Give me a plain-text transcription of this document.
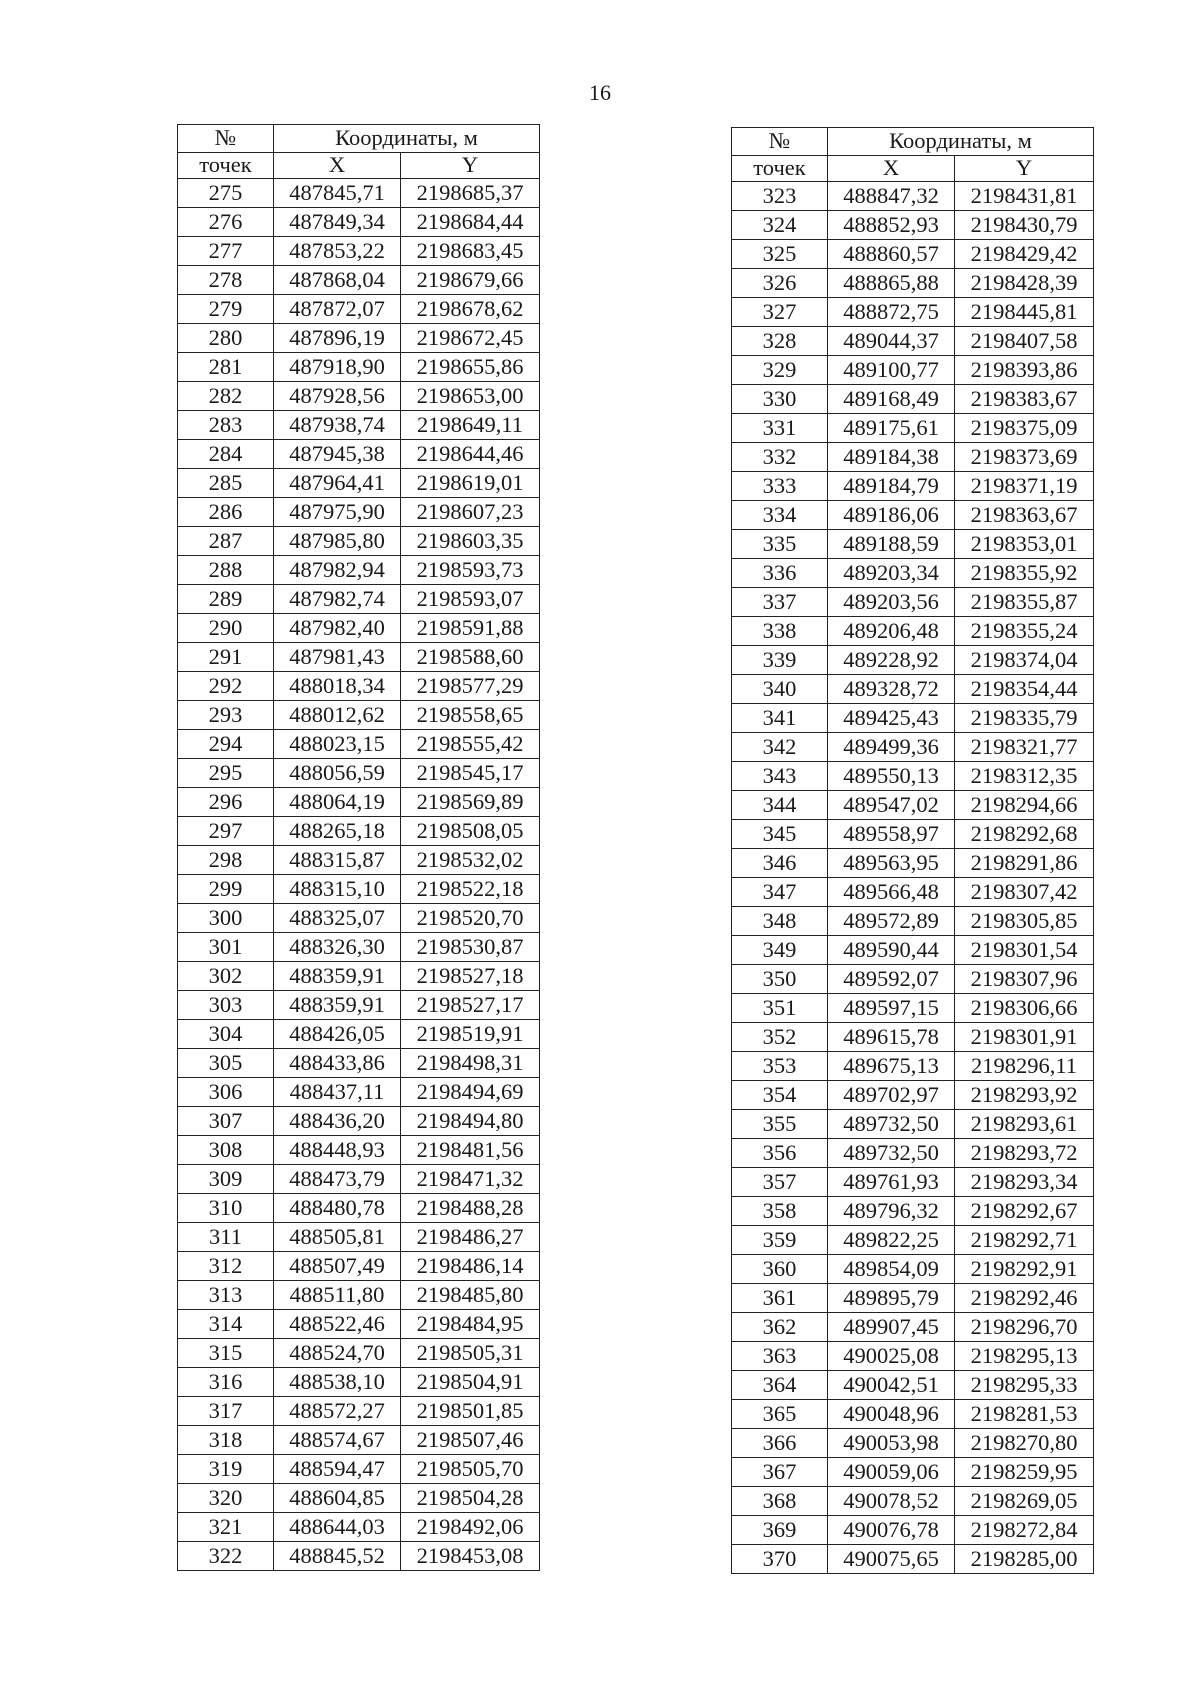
16
№	Координаты, м	
точек	X	Y
275	487845,71	2198685,37
276	487849,34	2198684,44
277	487853,22	2198683,45
278	487868,04	2198679,66
279	487872,07	2198678,62
280	487896,19	2198672,45
281	487918,90	2198655,86
282	487928,56	2198653,00
283	487938,74	2198649,11
284	487945,38	2198644,46
285	487964,41	2198619,01
286	487975,90	2198607,23
287	487985,80	2198603,35
288	487982,94	2198593,73
289	487982,74	2198593,07
290	487982,40	2198591,88
291	487981,43	2198588,60
292	488018,34	2198577,29
293	488012,62	2198558,65
294	488023,15	2198555,42
295	488056,59	2198545,17
296	488064,19	2198569,89
297	488265,18	2198508,05
298	488315,87	2198532,02
299	488315,10	2198522,18
300	488325,07	2198520,70
301	488326,30	2198530,87
302	488359,91	2198527,18
303	488359,91	2198527,17
304	488426,05	2198519,91
305	488433,86	2198498,31
306	488437,11	2198494,69
307	488436,20	2198494,80
308	488448,93	2198481,56
309	488473,79	2198471,32
310	488480,78	2198488,28
311	488505,81	2198486,27
312	488507,49	2198486,14
313	488511,80	2198485,80
314	488522,46	2198484,95
315	488524,70	2198505,31
316	488538,10	2198504,91
317	488572,27	2198501,85
318	488574,67	2198507,46
319	488594,47	2198505,70
320	488604,85	2198504,28
321	488644,03	2198492,06
322	488845,52	2198453,08
№	Координаты, м	
точек	X	Y
323	488847,32	2198431,81
324	488852,93	2198430,79
325	488860,57	2198429,42
326	488865,88	2198428,39
327	488872,75	2198445,81
328	489044,37	2198407,58
329	489100,77	2198393,86
330	489168,49	2198383,67
331	489175,61	2198375,09
332	489184,38	2198373,69
333	489184,79	2198371,19
334	489186,06	2198363,67
335	489188,59	2198353,01
336	489203,34	2198355,92
337	489203,56	2198355,87
338	489206,48	2198355,24
339	489228,92	2198374,04
340	489328,72	2198354,44
341	489425,43	2198335,79
342	489499,36	2198321,77
343	489550,13	2198312,35
344	489547,02	2198294,66
345	489558,97	2198292,68
346	489563,95	2198291,86
347	489566,48	2198307,42
348	489572,89	2198305,85
349	489590,44	2198301,54
350	489592,07	2198307,96
351	489597,15	2198306,66
352	489615,78	2198301,91
353	489675,13	2198296,11
354	489702,97	2198293,92
355	489732,50	2198293,61
356	489732,50	2198293,72
357	489761,93	2198293,34
358	489796,32	2198292,67
359	489822,25	2198292,71
360	489854,09	2198292,91
361	489895,79	2198292,46
362	489907,45	2198296,70
363	490025,08	2198295,13
364	490042,51	2198295,33
365	490048,96	2198281,53
366	490053,98	2198270,80
367	490059,06	2198259,95
368	490078,52	2198269,05
369	490076,78	2198272,84
370	490075,65	2198285,00
